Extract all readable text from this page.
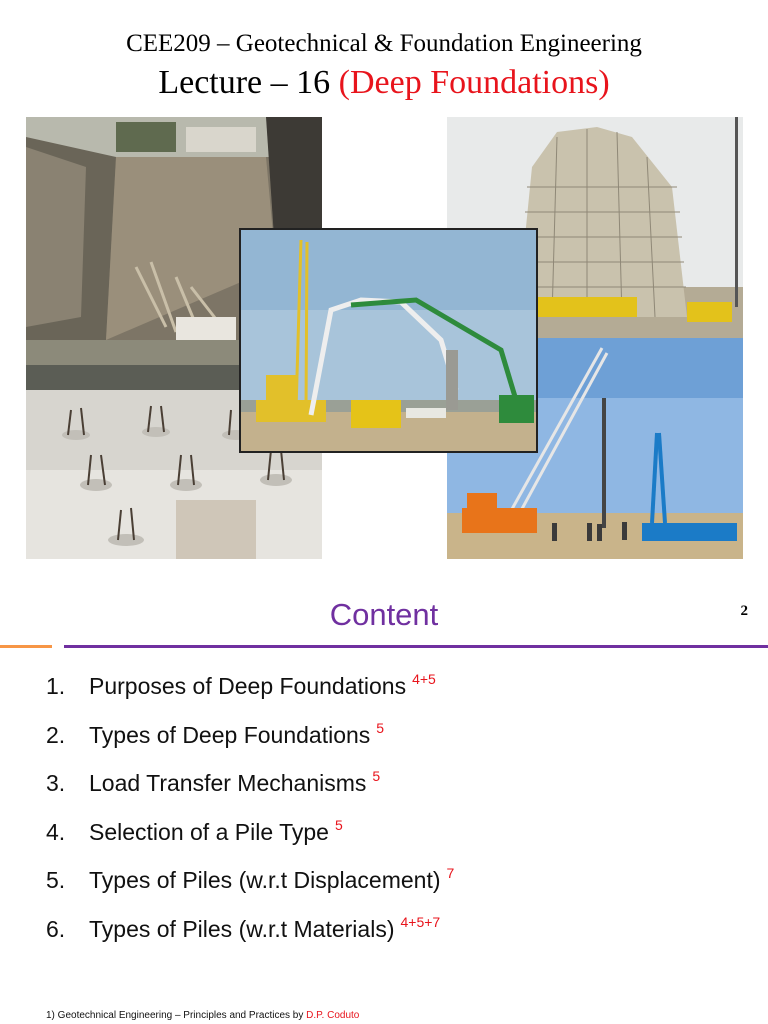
CEE209 – Geotechnical & Foundation Engineering
Lecture – 16 (Deep Foundations)
Content	2
1. Purposes of Deep Foundations $^{4+5}$
2. Types of Deep Foundations $^5$
3. Load Transfer Mechanisms $^5$
4. Selection of a Pile Type $^5$
5. Types of Piles (w.r.t Displacement) $^7$
6. Types of Piles (w.r.t Materials) $^{4+5+7}$
1) Geotechnical Engineering – Principles and Practices by D.P. Coduto
